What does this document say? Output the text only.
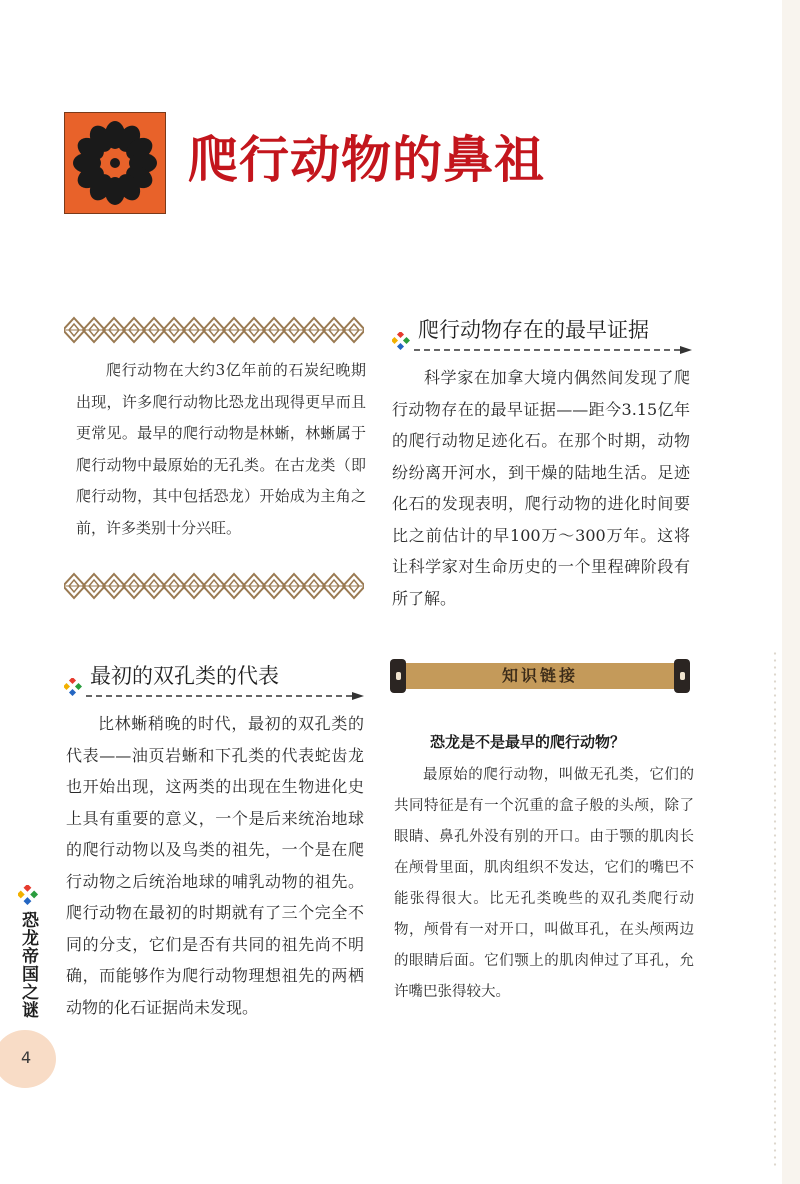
爬行动物的鼻祖

爬行动物在大约3亿年前的石炭纪晚期出现，许多爬行动物比恐龙出现得更早而且更常见。最早的爬行动物是林蜥，林蜥属于爬行动物中最原始的无孔类。在古龙类（即爬行动物，其中包括恐龙）开始成为主角之前，许多类别十分兴旺。

爬行动物存在的最早证据

科学家在加拿大境内偶然间发现了爬行动物存在的最早证据——距今3.15亿年的爬行动物足迹化石。在那个时期，动物纷纷离开河水，到干燥的陆地生活。足迹化石的发现表明，爬行动物的进化时间要比之前估计的早100万～300万年。这将让科学家对生命历史的一个里程碑阶段有所了解。

最初的双孔类的代表

比林蜥稍晚的时代，最初的双孔类的代表——油页岩蜥和下孔类的代表蛇齿龙也开始出现，这两类的出现在生物进化史上具有重要的意义，一个是后来统治地球的爬行动物以及鸟类的祖先，一个是在爬行动物之后统治地球的哺乳动物的祖先。爬行动物在最初的时期就有了三个完全不同的分支，它们是否有共同的祖先尚不明确，而能够作为爬行动物理想祖先的两栖动物的化石证据尚未发现。

知识链接

恐龙是不是最早的爬行动物？

最原始的爬行动物，叫做无孔类，它们的共同特征是有一个沉重的盒子般的头颅，除了眼睛、鼻孔外没有别的开口。由于颚的肌肉长在颅骨里面，肌肉组织不发达，它们的嘴巴不能张得很大。比无孔类晚些的双孔类爬行动物，颅骨有一对开口，叫做耳孔，在头颅两边的眼睛后面。它们颚上的肌肉伸过了耳孔，允许嘴巴张得较大。

恐龙帝国之谜
4
